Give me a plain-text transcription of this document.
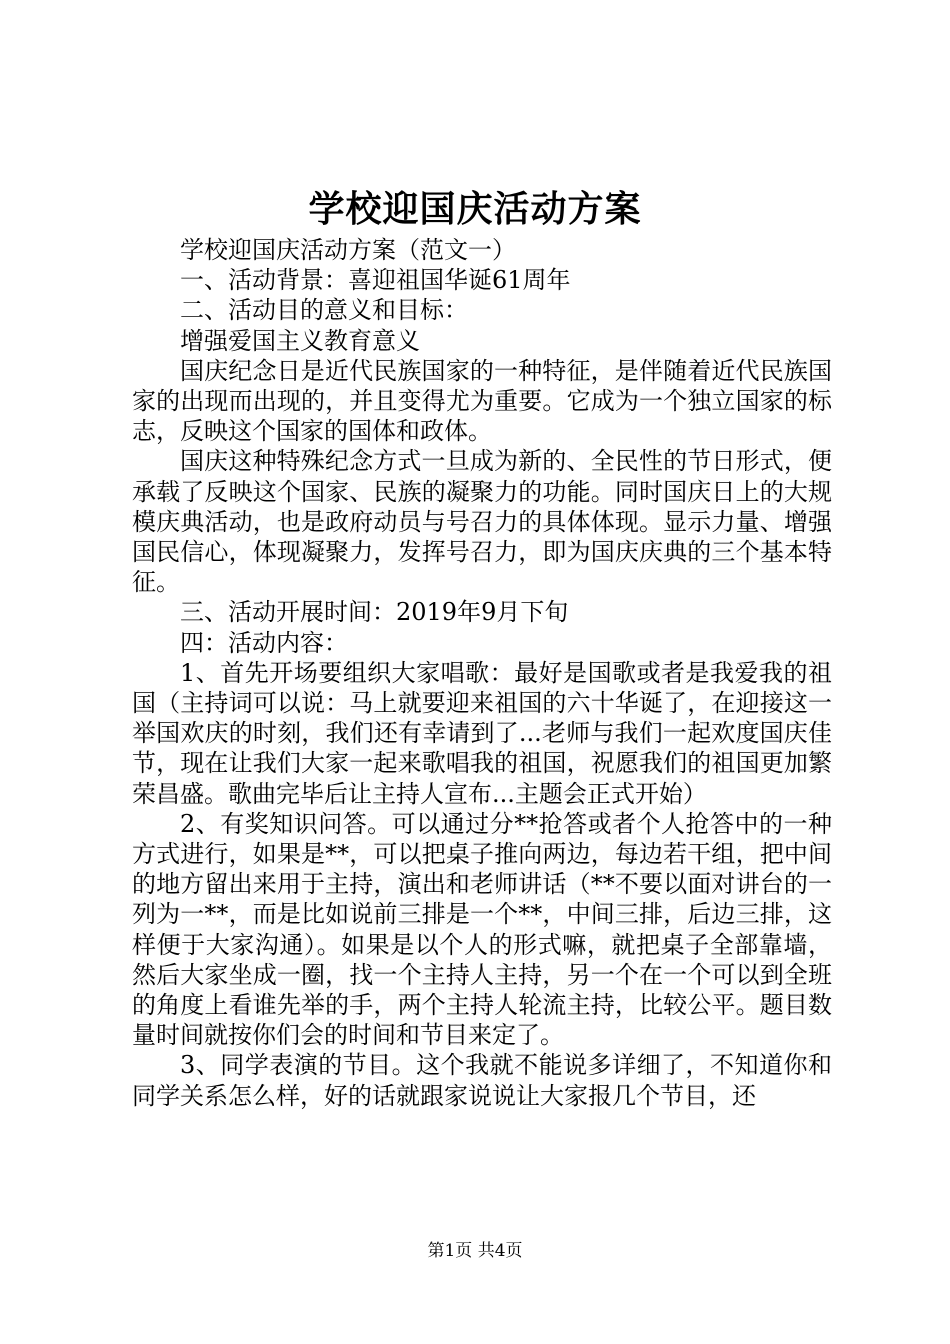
学校迎国庆活动方案

学校迎国庆活动方案（范文一）

一、活动背景：喜迎祖国华诞61周年

二、活动目的意义和目标：

增强爱国主义教育意义

国庆纪念日是近代民族国家的一种特征，是伴随着近代民族国家的出现而出现的，并且变得尤为重要。它成为一个独立国家的标志，反映这个国家的国体和政体。

国庆这种特殊纪念方式一旦成为新的、全民性的节日形式，便承载了反映这个国家、民族的凝聚力的功能。同时国庆日上的大规模庆典活动，也是政府动员与号召力的具体体现。显示力量、增强国民信心，体现凝聚力，发挥号召力，即为国庆庆典的三个基本特征。

三、活动开展时间：2019年9月下旬

四：活动内容：

1、首先开场要组织大家唱歌：最好是国歌或者是我爱我的祖国（主持词可以说：马上就要迎来祖国的六十华诞了，在迎接这一举国欢庆的时刻，我们还有幸请到了...老师与我们一起欢度国庆佳节，现在让我们大家一起来歌唱我的祖国，祝愿我们的祖国更加繁荣昌盛。歌曲完毕后让主持人宣布...主题会正式开始）

2、有奖知识问答。可以通过分**抢答或者个人抢答中的一种方式进行，如果是**，可以把桌子推向两边，每边若干组，把中间的地方留出来用于主持，演出和老师讲话（**不要以面对讲台的一列为一**，而是比如说前三排是一个**，中间三排，后边三排，这样便于大家沟通）。如果是以个人的形式嘛，就把桌子全部靠墙，然后大家坐成一圈，找一个主持人主持，另一个在一个可以到全班的角度上看谁先举的手，两个主持人轮流主持，比较公平。题目数量时间就按你们会的时间和节目来定了。

3、同学表演的节目。这个我就不能说多详细了，不知道你和同学关系怎么样，好的话就跟家说说让大家报几个节目，还

第1页 共4页
